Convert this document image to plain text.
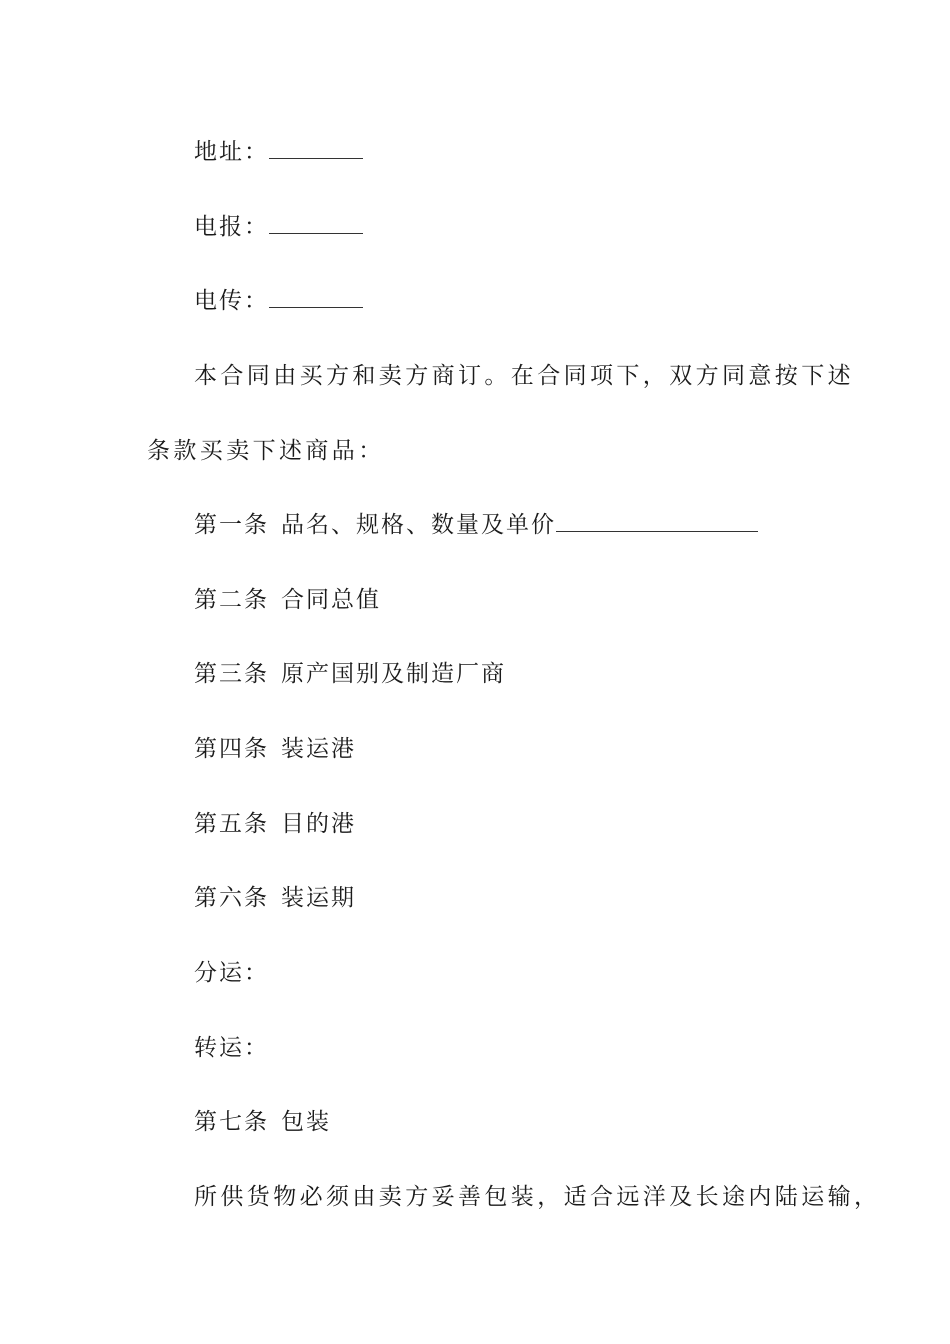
地址：
电报：
电传：
本合同由买方和卖方商订。在合同项下，双方同意按下述
条款买卖下述商品：
第一条 品名、规格、数量及单价
第二条 合同总值
第三条 原产国别及制造厂商
第四条 装运港
第五条 目的港
第六条 装运期
分运：
转运：
第七条 包装
所供货物必须由卖方妥善包装，适合远洋及长途内陆运输，
